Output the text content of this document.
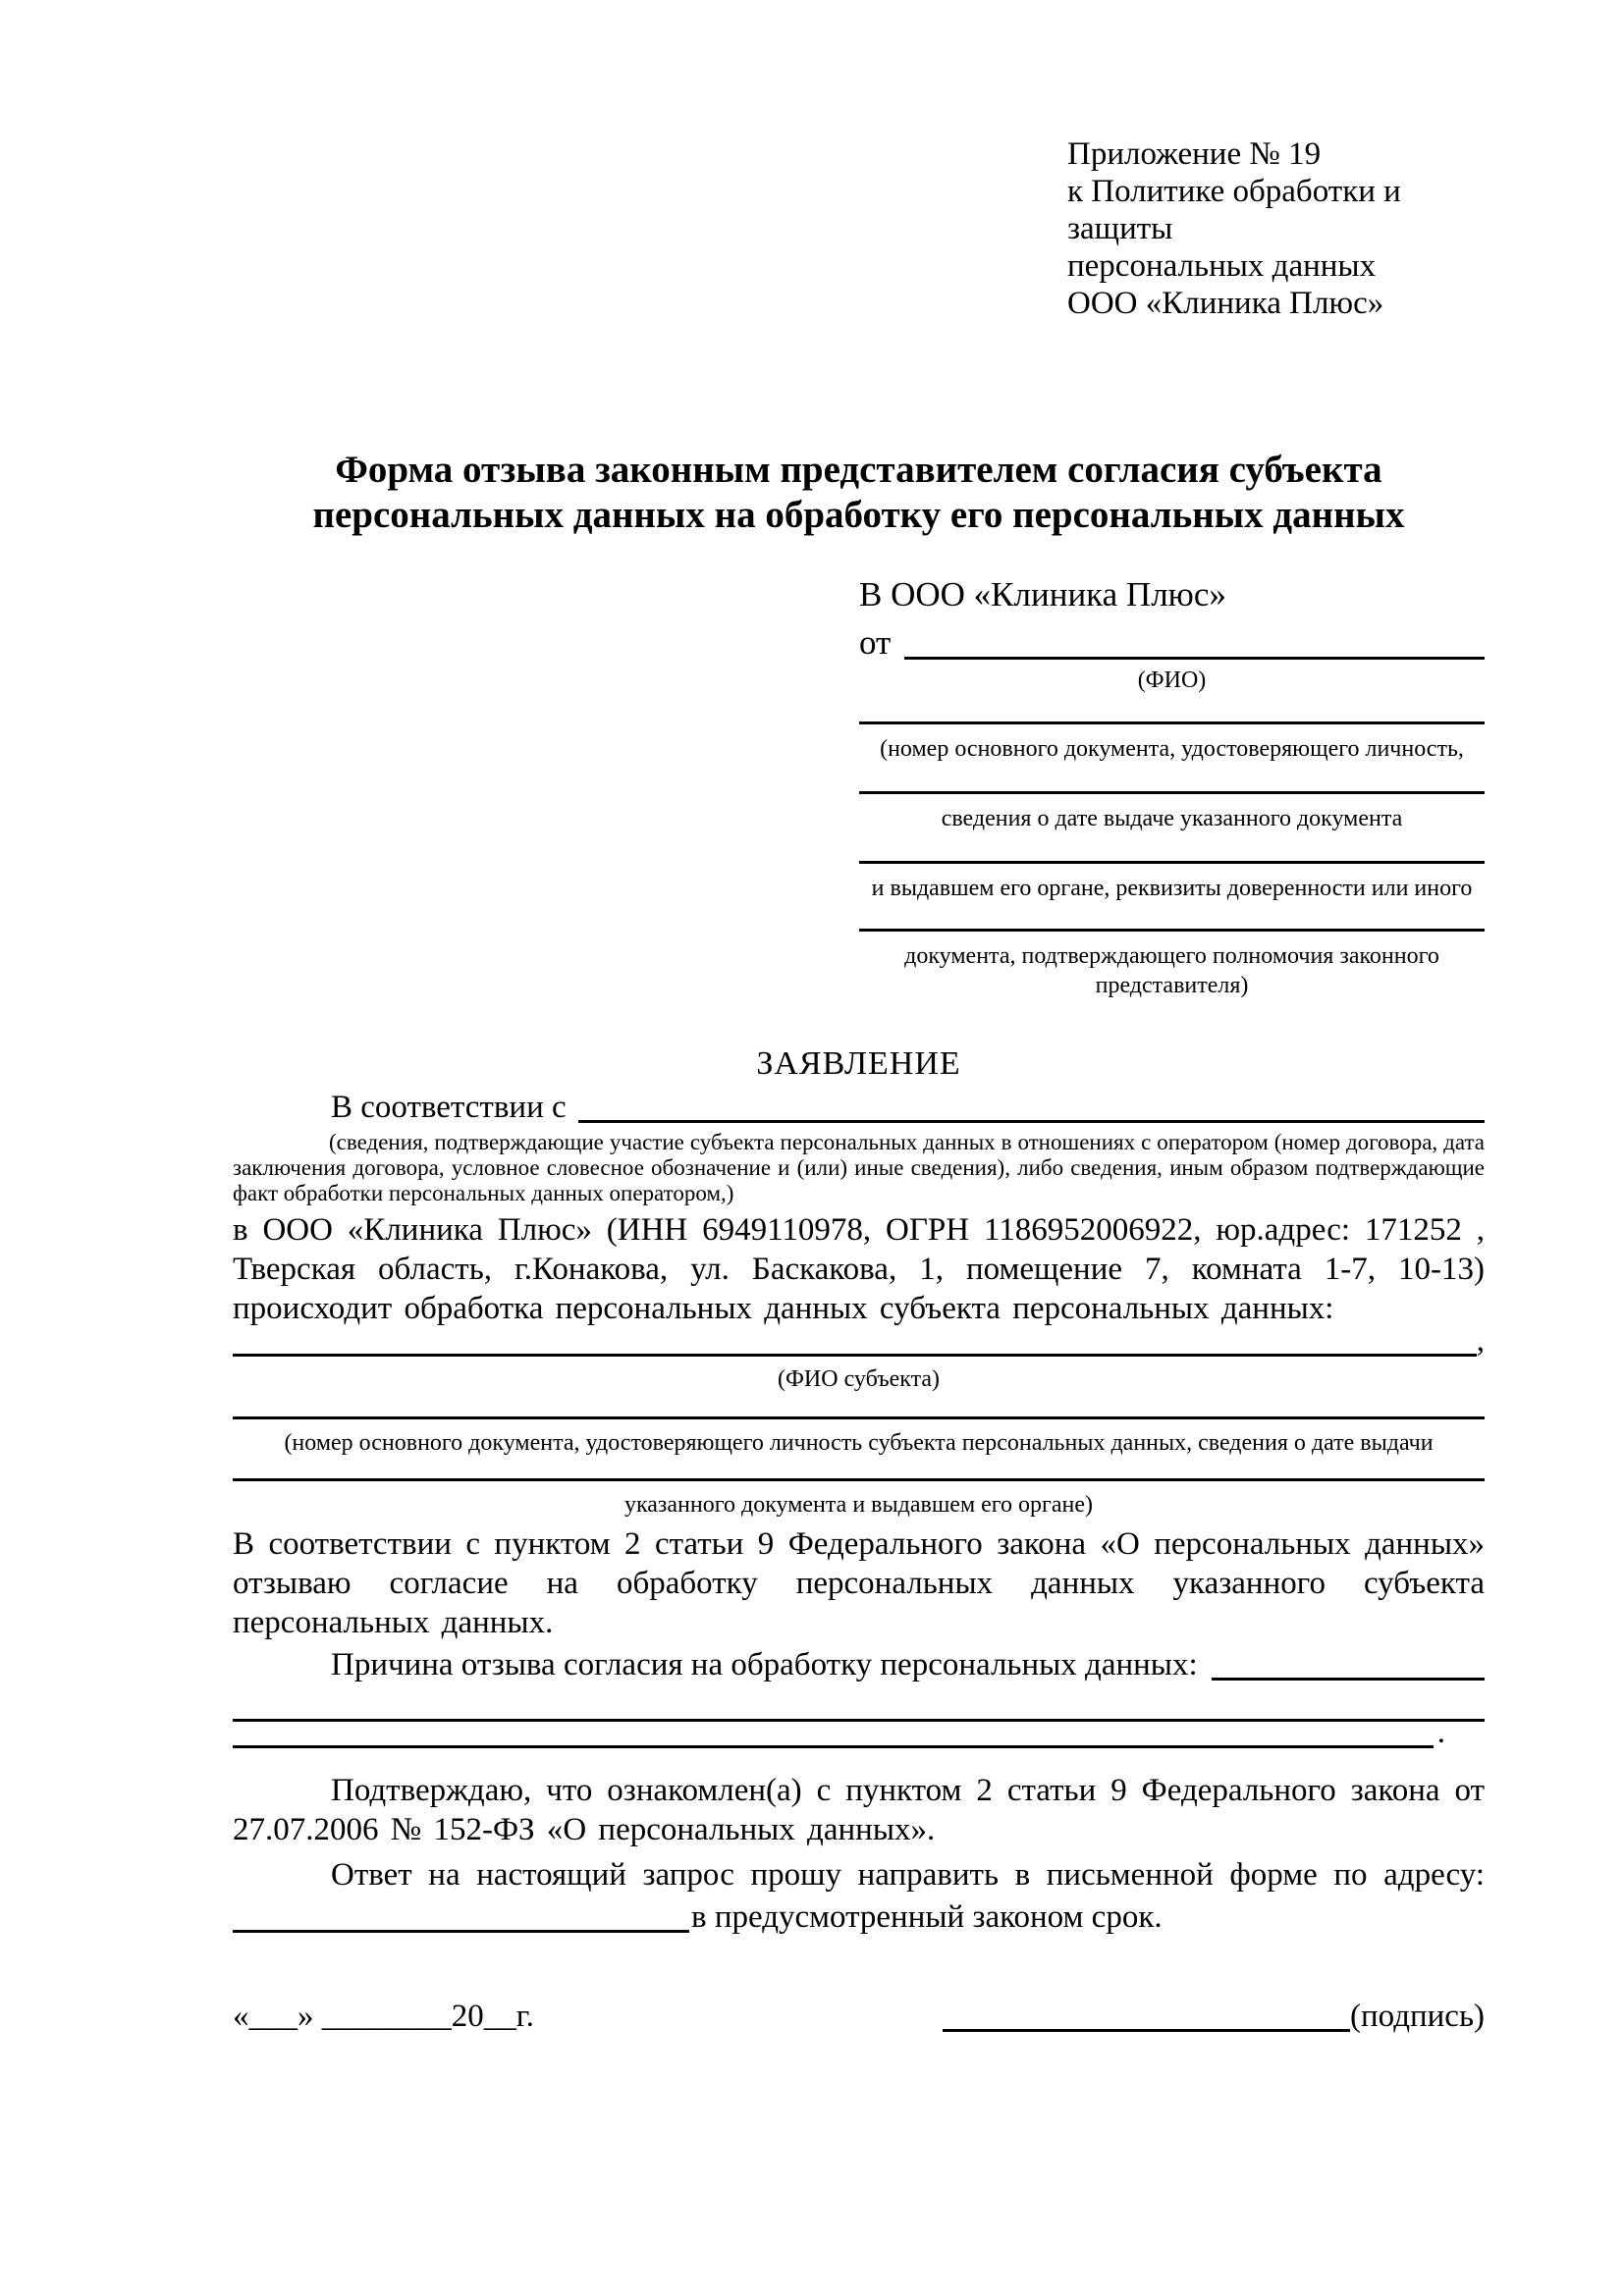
Приложение № 19
к Политике обработки и защиты
персональных данных
ООО «Клиника Плюс»
Форма отзыва законным представителем согласия субъекта персональных данных на обработку его персональных данных
В ООО «Клиника Плюс»
от
(ФИО)
(номер основного документа, удостоверяющего личность,
сведения о дате выдаче указанного документа
и выдавшем его органе, реквизиты доверенности или иного
документа, подтверждающего полномочия законного представителя)
ЗАЯВЛЕНИЕ
В соответствии с
(сведения, подтверждающие участие субъекта персональных данных в отношениях с оператором (номер договора, дата заключения договора, условное словесное обозначение и (или) иные сведения), либо сведения, иным образом подтверждающие факт обработки персональных данных оператором,)
в ООО «Клиника Плюс» (ИНН 6949110978, ОГРН 1186952006922, юр.адрес: 171252 , Тверская область, г.Конакова, ул. Баскакова, 1, помещение 7, комната 1-7, 10-13) происходит обработка персональных данных субъекта персональных данных:
,
(ФИО субъекта)
(номер основного документа, удостоверяющего личность субъекта персональных данных, сведения о дате выдачи
указанного документа и выдавшем его органе)
В соответствии с пунктом 2 статьи 9 Федерального закона «О персональных данных» отзываю согласие на обработку персональных данных указанного субъекта персональных данных.
Причина отзыва согласия на обработку персональных данных:
.
Подтверждаю, что ознакомлен(а) с пунктом 2 статьи 9 Федерального закона от 27.07.2006 № 152-ФЗ «О персональных данных».
Ответ на настоящий запрос прошу направить в письменной форме по адресу:
в предусмотренный законом срок.
«___» ________20__г.	(подпись)
